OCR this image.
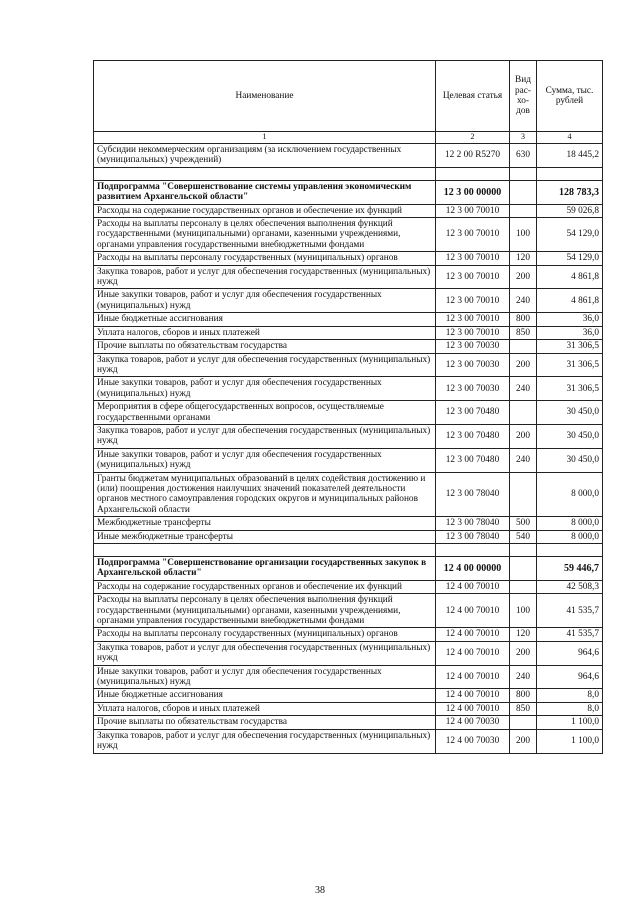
Наименование	Целевая статья	Вид рас-хо-дов	Сумма, тыс. рублей
1	2	3	4
Субсидии некоммерческим организациям (за исключением государственных (муниципальных) учреждений)	12 2 00 R5270	630	18 445,2

Подпрограмма "Совершенствование системы управления экономическим развитием Архангельской области"	12 3 00 00000		128 783,3
Расходы на содержание государственных органов и обеспечение их функций	12 3 00 70010		59 026,8
Расходы на выплаты персоналу в целях обеспечения выполнения функций государственными (муниципальными) органами, казенными учреждениями, органами управления государственными внебюджетными фондами	12 3 00 70010	100	54 129,0
Расходы на выплаты персоналу государственных (муниципальных) органов	12 3 00 70010	120	54 129,0
Закупка товаров, работ и услуг для обеспечения государственных (муниципальных) нужд	12 3 00 70010	200	4 861,8
Иные закупки товаров, работ и услуг для обеспечения государственных (муниципальных) нужд	12 3 00 70010	240	4 861,8
Иные бюджетные ассигнования	12 3 00 70010	800	36,0
Уплата налогов, сборов и иных платежей	12 3 00 70010	850	36,0
Прочие выплаты по обязательствам государства	12 3 00 70030		31 306,5
Закупка товаров, работ и услуг для обеспечения государственных (муниципальных) нужд	12 3 00 70030	200	31 306,5
Иные закупки товаров, работ и услуг для обеспечения государственных (муниципальных) нужд	12 3 00 70030	240	31 306,5
Мероприятия в сфере общегосударственных вопросов, осуществляемые государственными органами	12 3 00 70480		30 450,0
Закупка товаров, работ и услуг для обеспечения государственных (муниципальных) нужд	12 3 00 70480	200	30 450,0
Иные закупки товаров, работ и услуг для обеспечения государственных (муниципальных) нужд	12 3 00 70480	240	30 450,0
Гранты бюджетам муниципальных образований в целях содействия достижению и (или) поощрения достижения наилучших значений показателей деятельности органов местного самоуправления городских округов и муниципальных районов Архангельской области	12 3 00 78040		8 000,0
Межбюджетные трансферты	12 3 00 78040	500	8 000,0
Иные межбюджетные трансферты	12 3 00 78040	540	8 000,0

Подпрограмма "Совершенствование организации государственных закупок в Архангельской области"	12 4 00 00000		59 446,7
Расходы на содержание государственных органов и обеспечение их функций	12 4 00 70010		42 508,3
Расходы на выплаты персоналу в целях обеспечения выполнения функций государственными (муниципальными) органами, казенными учреждениями, органами управления государственными внебюджетными фондами	12 4 00 70010	100	41 535,7
Расходы на выплаты персоналу государственных (муниципальных) органов	12 4 00 70010	120	41 535,7
Закупка товаров, работ и услуг для обеспечения государственных (муниципальных) нужд	12 4 00 70010	200	964,6
Иные закупки товаров, работ и услуг для обеспечения государственных (муниципальных) нужд	12 4 00 70010	240	964,6
Иные бюджетные ассигнования	12 4 00 70010	800	8,0
Уплата налогов, сборов и иных платежей	12 4 00 70010	850	8,0
Прочие выплаты по обязательствам государства	12 4 00 70030		1 100,0
Закупка товаров, работ и услуг для обеспечения государственных (муниципальных) нужд	12 4 00 70030	200	1 100,0
38
